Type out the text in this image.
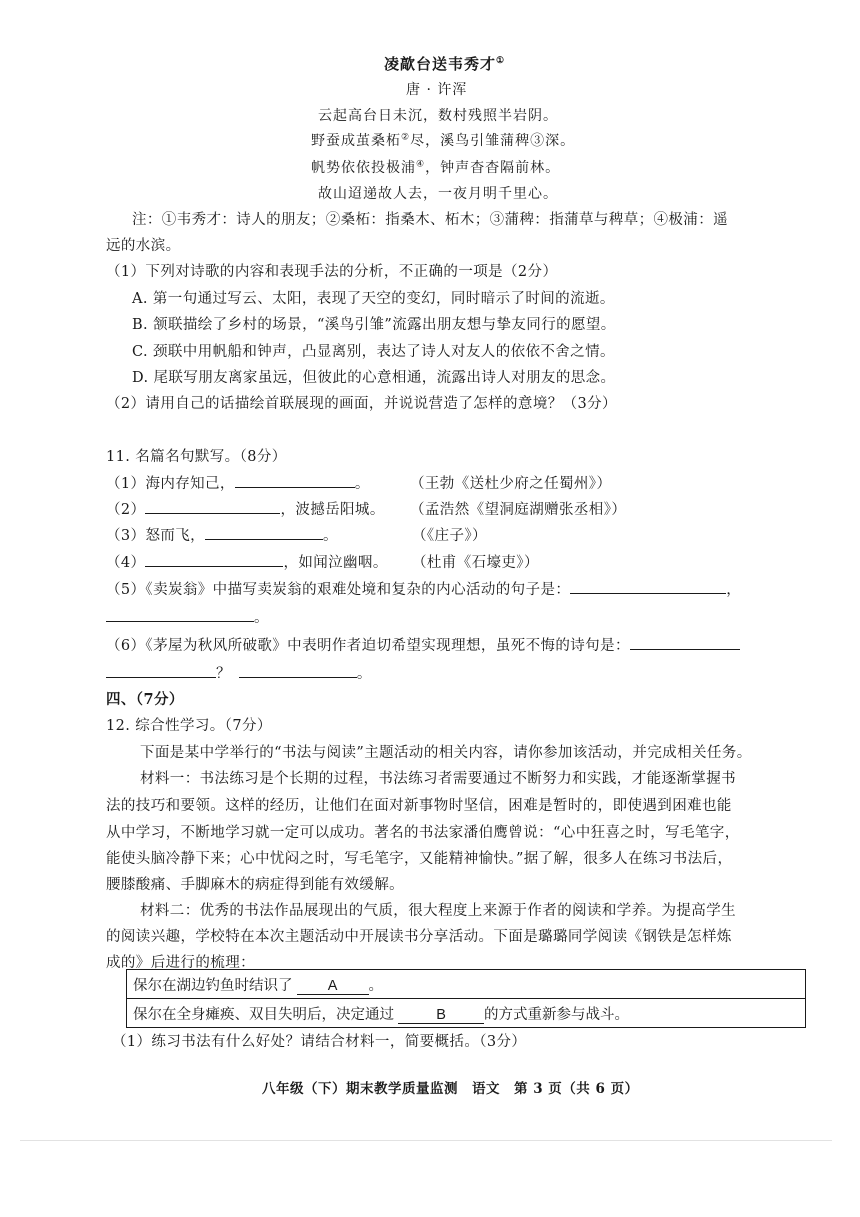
凌歊台送韦秀才①
唐 · 许浑
云起高台日未沉，数村残照半岩阴。
野蚕成茧桑柘②尽，溪鸟引雏蒲稗③深。
帆势依依投极浦④，钟声杳杳隔前林。
故山迢递故人去，一夜月明千里心。
注：①韦秀才：诗人的朋友；②桑柘：指桑木、柘木；③蒲稗：指蒲草与稗草；④极浦：遥
远的水滨。
（1）下列对诗歌的内容和表现手法的分析，不正确的一项是（2分）
A. 第一句通过写云、太阳，表现了天空的变幻，同时暗示了时间的流逝。
B. 颔联描绘了乡村的场景，“溪鸟引雏”流露出朋友想与挚友同行的愿望。
C. 颈联中用帆船和钟声，凸显离别，表达了诗人对友人的依依不舍之情。
D. 尾联写朋友离家虽远，但彼此的心意相通，流露出诗人对朋友的思念。
（2）请用自己的话描绘首联展现的画面，并说说营造了怎样的意境？（3分）
11. 名篇名句默写。（8分）
（1）海内存知己，	。	（王勃《送杜少府之任蜀州》）
（2）	，波撼岳阳城。 （孟浩然《望洞庭湖赠张丞相》）
（3）怒而飞，	。	（《庄子》）
（4）	，如闻泣幽咽。 （杜甫《石壕吏》）
（5）《卖炭翁》中描写卖炭翁的艰难处境和复杂的内心活动的句子是：	，
。
（6）《茅屋为秋风所破歌》中表明作者迫切希望实现理想，虽死不悔的诗句是：
？	。
四、（7分）
12. 综合性学习。（7分）
下面是某中学举行的“书法与阅读”主题活动的相关内容，请你参加该活动，并完成相关任务。
材料一：书法练习是个长期的过程，书法练习者需要通过不断努力和实践，才能逐渐掌握书
法的技巧和要领。这样的经历，让他们在面对新事物时坚信，困难是暂时的，即使遇到困难也能
从中学习，不断地学习就一定可以成功。著名的书法家潘伯鹰曾说：“心中狂喜之时，写毛笔字，
能使头脑冷静下来；心中忧闷之时，写毛笔字，又能精神愉快。”据了解，很多人在练习书法后，
腰膝酸痛、手脚麻木的病症得到能有效缓解。
材料二：优秀的书法作品展现出的气质，很大程度上来源于作者的阅读和学养。为提高学生
的阅读兴趣，学校特在本次主题活动中开展读书分享活动。下面是璐璐同学阅读《钢铁是怎样炼
成的》后进行的梳理：
保尔在湖边钓鱼时结识了 A 。
保尔在全身瘫痪、双目失明后，决定通过	B	的方式重新参与战斗。
（1）练习书法有什么好处？请结合材料一，简要概括。（3分）
八年级（下）期末教学质量监测　语文　第 3 页（共 6 页）
